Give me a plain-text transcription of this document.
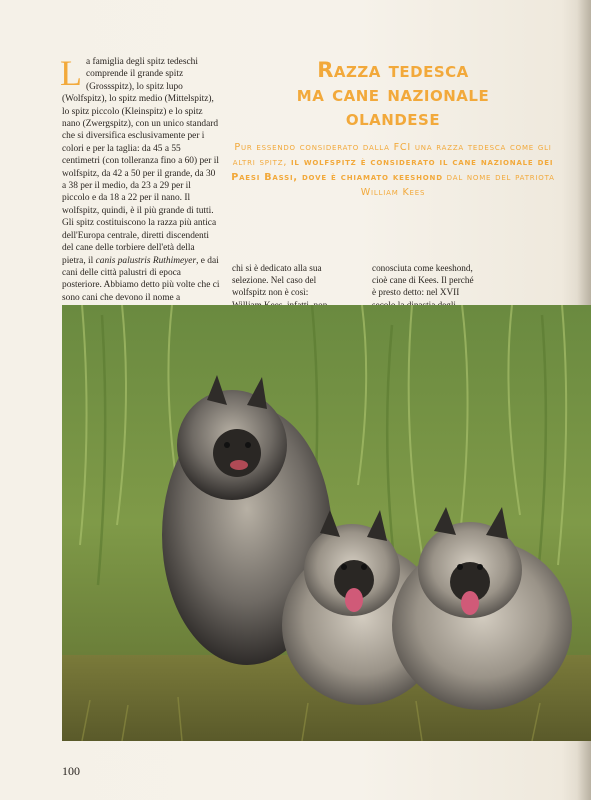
La famiglia degli spitz tedeschi comprende il grande spitz (Grossspitz), lo spitz lupo (Wolfspitz), lo spitz medio (Mittelspitz), lo spitz piccolo (Kleinspitz) e lo spitz nano (Zwergspitz), con un unico standard che si diversifica esclusivamente per i colori e per la taglia: da 45 a 55 centimetri (con tolleranza fino a 60) per il wolfspitz, da 42 a 50 per il grande, da 30 a 38 per il medio, da 23 a 29 per il piccolo e da 18 a 22 per il nano. Il wolfspitz, quindi, è il più grande di tutti. Gli spitz costituiscono la razza più antica dell'Europa centrale, diretti discendenti del cane delle torbiere dell'età della pietra, il canis palustris Ruthimeyer, e dai cani delle città palustri di epoca posteriore. Abbiamo detto più volte che ci sono cani che devono il nome a

Razza tedesca
ma cane nazionale
olandese

Pur essendo considerato dalla FCI una razza tedesca come gli altri spitz, il wolfspitz è considerato il cane nazionale dei Paesi Bassi, dove è chiamato keeshond dal nome del patriota William Kees

chi si è dedicato alla sua selezione. Nel caso del wolfspitz non è così:

conosciuta come keeshond, cioè cane di Kees. Il perché è presto detto: nel XVII

100
